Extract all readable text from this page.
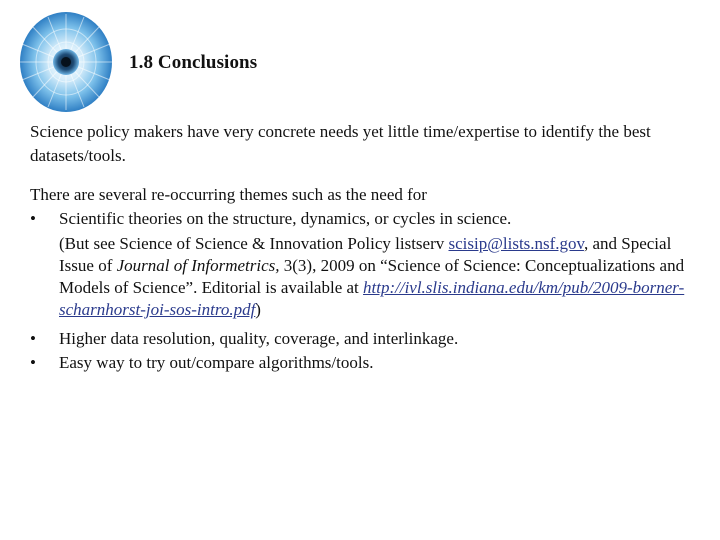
1.8 Conclusions
Science policy makers have very concrete needs yet little time/expertise to identify the best datasets/tools.
There are several re-occurring themes such as the need for
•	Scientific theories on the structure, dynamics, or cycles in science.
(But see Science of Science & Innovation Policy listserv scisip@lists.nsf.gov, and Special Issue of Journal of Informetrics, 3(3), 2009 on “Science of Science: Conceptualizations and Models of Science”. Editorial is available at http://ivl.slis.indiana.edu/km/pub/2009-borner-scharnhorst-joi-sos-intro.pdf)
•	Higher data resolution, quality, coverage, and interlinkage.
•	Easy way to try out/compare algorithms/tools.
